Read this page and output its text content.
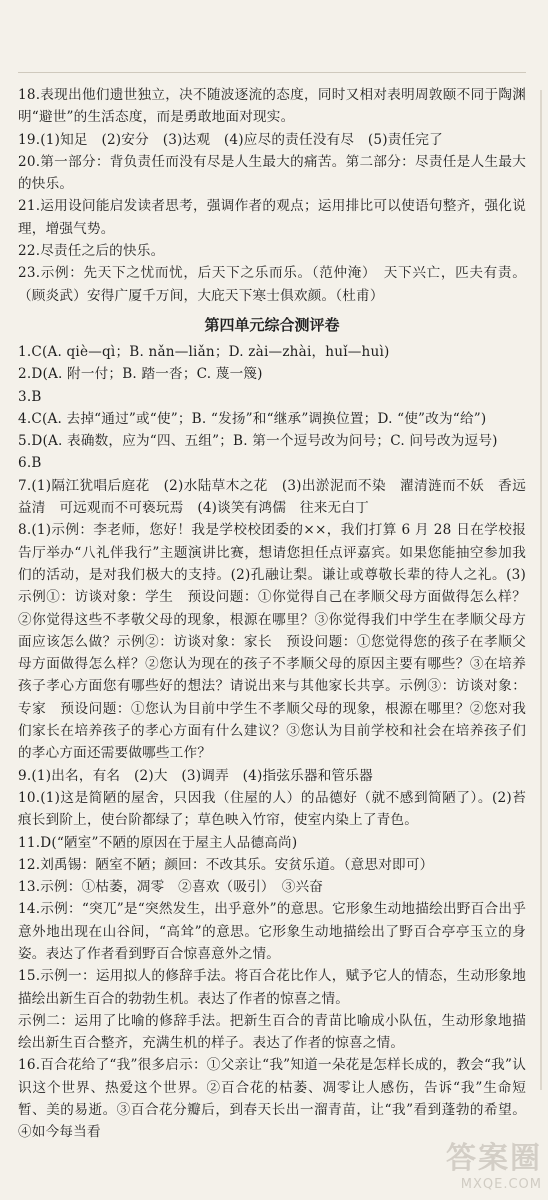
18.表现出他们遗世独立，决不随波逐流的态度，同时又相对表明周敦颐不同于陶渊明“避世”的生活态度，而是勇敢地面对现实。

19.(1)知足　(2)安分　(3)达观　(4)应尽的责任没有尽　(5)责任完了

20.第一部分：背负责任而没有尽是人生最大的痛苦。第二部分：尽责任是人生最大的快乐。

21.运用设问能启发读者思考，强调作者的观点；运用排比可以使语句整齐，强化说理，增强气势。

22.尽责任之后的快乐。

23.示例：先天下之忧而忧，后天下之乐而乐。（范仲淹）　天下兴亡，匹夫有责。（顾炎武）安得广厦千万间，大庇天下寒士俱欢颜。（杜甫）

第四单元综合测评卷

1.C(A. qiè—qì；B. nǎn—liǎn；D. zài—zhài，huǐ—huì)

2.D(A. 附一付；B. 踏一沓；C. 蔑一篾)

3.B

4.C(A. 去掉“通过”或“使”；B. “发扬”和“继承”调换位置；D. “使”改为“给”)

5.D(A. 表确数，应为“四、五组”；B. 第一个逗号改为问号；C. 问号改为逗号)

6.B

7.(1)隔江犹唱后庭花　(2)水陆草木之花　(3)出淤泥而不染　濯清涟而不妖　香远益清　可远观而不可亵玩焉　(4)谈笑有鸿儒　往来无白丁

8.(1)示例：李老师，您好！我是学校校团委的××，我们打算 6 月 28 日在学校报告厅举办“八礼伴我行”主题演讲比赛，想请您担任点评嘉宾。如果您能抽空参加我们的活动，是对我们极大的支持。(2)孔融让梨。谦让或尊敬长辈的待人之礼。(3)示例①：访谈对象：学生　预设问题：①你觉得自己在孝顺父母方面做得怎么样？②你觉得这些不孝敬父母的现象，根源在哪里？③你觉得我们中学生在孝顺父母方面应该怎么做？示例②：访谈对象：家长　预设问题：①您觉得您的孩子在孝顺父母方面做得怎么样？②您认为现在的孩子不孝顺父母的原因主要有哪些？③在培养孩子孝心方面您有哪些好的想法？请说出来与其他家长共享。示例③：访谈对象：专家　预设问题：①您认为目前中学生不孝顺父母的现象，根源在哪里？②您对我们家长在培养孩子的孝心方面有什么建议？③您认为目前学校和社会在培养孩子们的孝心方面还需要做哪些工作？

9.(1)出名，有名　(2)大　(3)调弄　(4)指弦乐器和管乐器

10.(1)这是简陋的屋舍，只因我（住屋的人）的品德好（就不感到简陋了）。(2)苔痕长到阶上，使台阶都绿了；草色映入竹帘，使室内染上了青色。

11.D(“陋室”不陋的原因在于屋主人品德高尚)

12.刘禹锡：陋室不陋；颜回：不改其乐。安贫乐道。（意思对即可）

13.示例：①枯萎，凋零　②喜欢（吸引）　③兴奋

14.示例：“突兀”是“突然发生，出乎意外”的意思。它形象生动地描绘出野百合出乎意外地出现在山谷间，“高耸”的意思。它形象生动地描绘出了野百合亭亭玉立的身姿。表达了作者看到野百合惊喜意外之情。

15.示例一：运用拟人的修辞手法。将百合花比作人，赋予它人的情态，生动形象地描绘出新生百合的勃勃生机。表达了作者的惊喜之情。

示例二：运用了比喻的修辞手法。把新生百合的青苗比喻成小队伍，生动形象地描绘出新生百合整齐，充满生机的样子。表达了作者的惊喜之情。

16.百合花给了“我”很多启示：①父亲让“我”知道一朵花是怎样长成的，教会“我”认识这个世界、热爱这个世界。②百合花的枯萎、凋零让人感伤，告诉“我”生命短暂、美的易逝。③百合花分瓣后，到春天长出一溜青苗，让“我”看到蓬勃的希望。④如今每当看

答案圈
MXQE.COM
